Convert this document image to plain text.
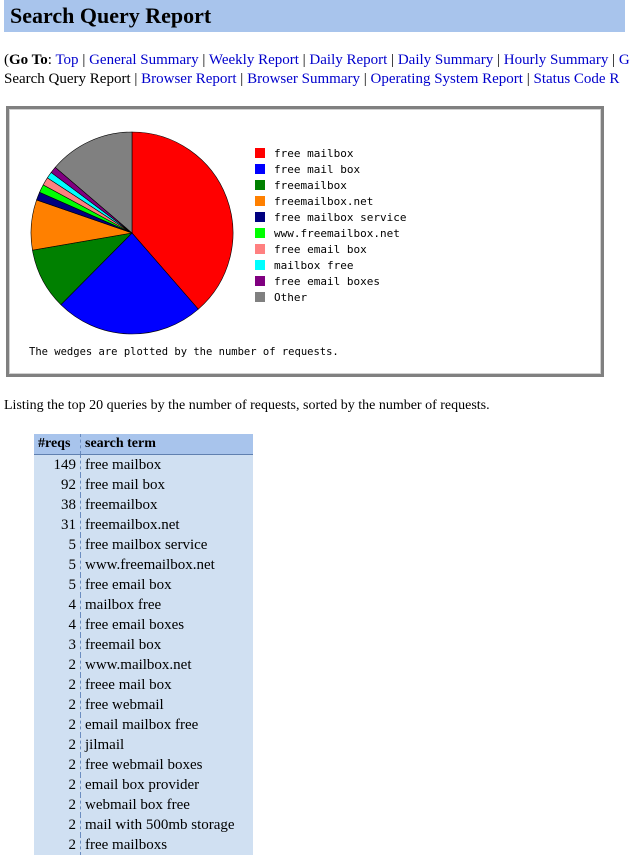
Search Query Report
(Go To: Top | General Summary | Weekly Report | Daily Report | Daily Summary | Hourly Summary | G
Search Query Report | Browser Report | Browser Summary | Operating System Report | Status Code R
free mailbox
free mail box
freemailbox
freemailbox.net
free mailbox service
www.freemailbox.net
free email box
mailbox free
free email boxes
Other
The wedges are plotted by the number of requests.
Listing the top 20 queries by the number of requests, sorted by the number of requests.
#reqs	search term
149	free mailbox
92	free mail box
38	freemailbox
31	freemailbox.net
5	free mailbox service
5	www.freemailbox.net
5	free email box
4	mailbox free
4	free email boxes
3	freemail box
2	www.mailbox.net
2	freee mail box
2	free webmail
2	email mailbox free
2	jilmail
2	free webmail boxes
2	email box provider
2	webmail box free
2	mail with 500mb storage
2	free mailboxs
